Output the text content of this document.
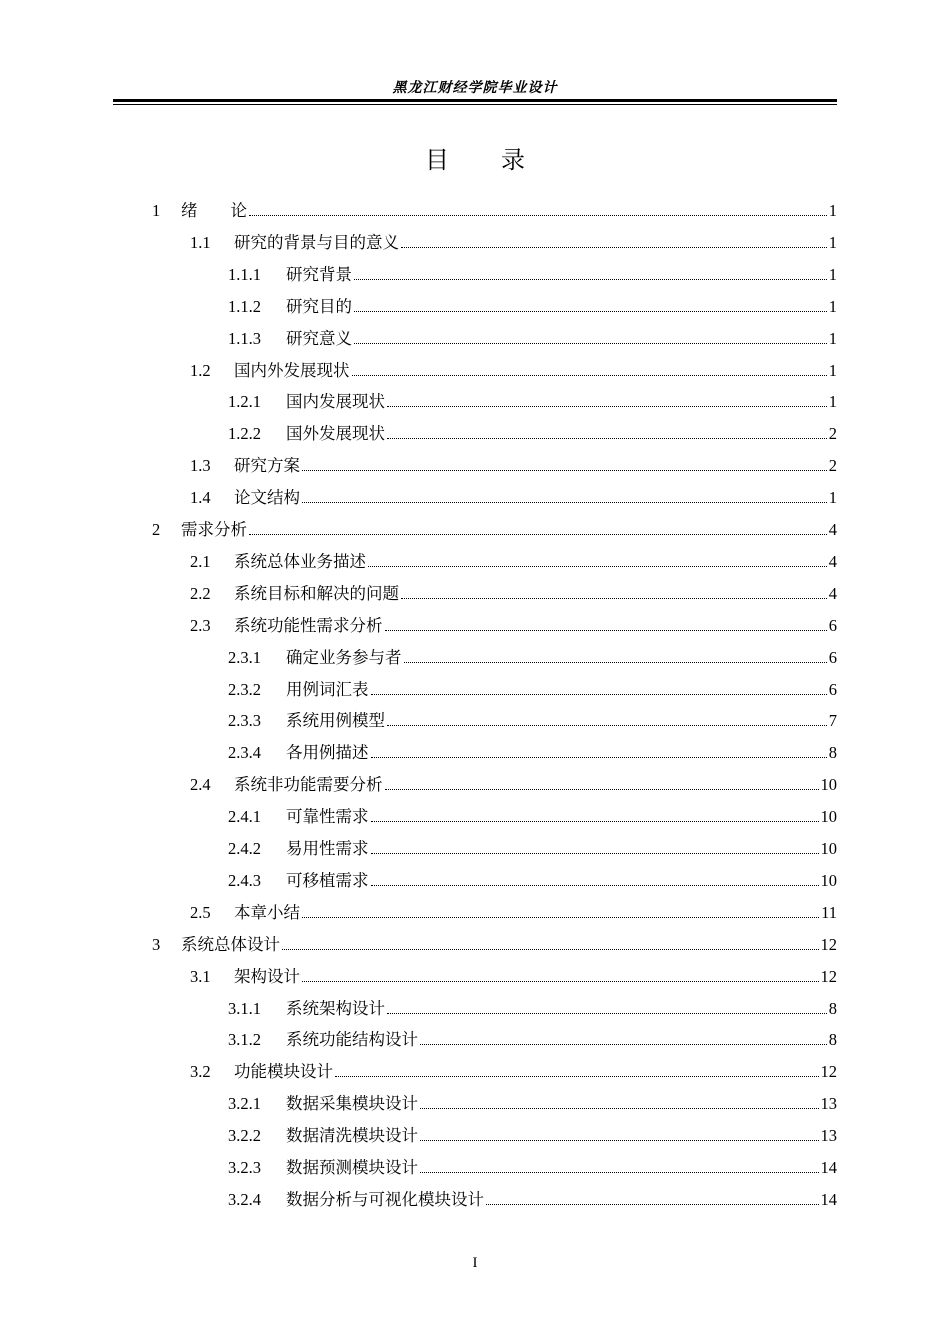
黑龙江财经学院毕业设计
目录
1	绪　　论	1
1.1	研究的背景与目的意义	1
1.1.1	研究背景	1
1.1.2	研究目的	1
1.1.3	研究意义	1
1.2	国内外发展现状	1
1.2.1	国内发展现状	1
1.2.2	国外发展现状	2
1.3	研究方案	2
1.4	论文结构	1
2	需求分析	4
2.1	系统总体业务描述	4
2.2	系统目标和解决的问题	4
2.3	系统功能性需求分析	6
2.3.1	确定业务参与者	6
2.3.2	用例词汇表	6
2.3.3	系统用例模型	7
2.3.4	各用例描述	8
2.4	系统非功能需要分析	10
2.4.1	可靠性需求	10
2.4.2	易用性需求	10
2.4.3	可移植需求	10
2.5	本章小结	11
3	系统总体设计	12
3.1	架构设计	12
3.1.1	系统架构设计	8
3.1.2	系统功能结构设计	8
3.2	功能模块设计	12
3.2.1	数据采集模块设计	13
3.2.2	数据清洗模块设计	13
3.2.3	数据预测模块设计	14
3.2.4	数据分析与可视化模块设计	14
I
